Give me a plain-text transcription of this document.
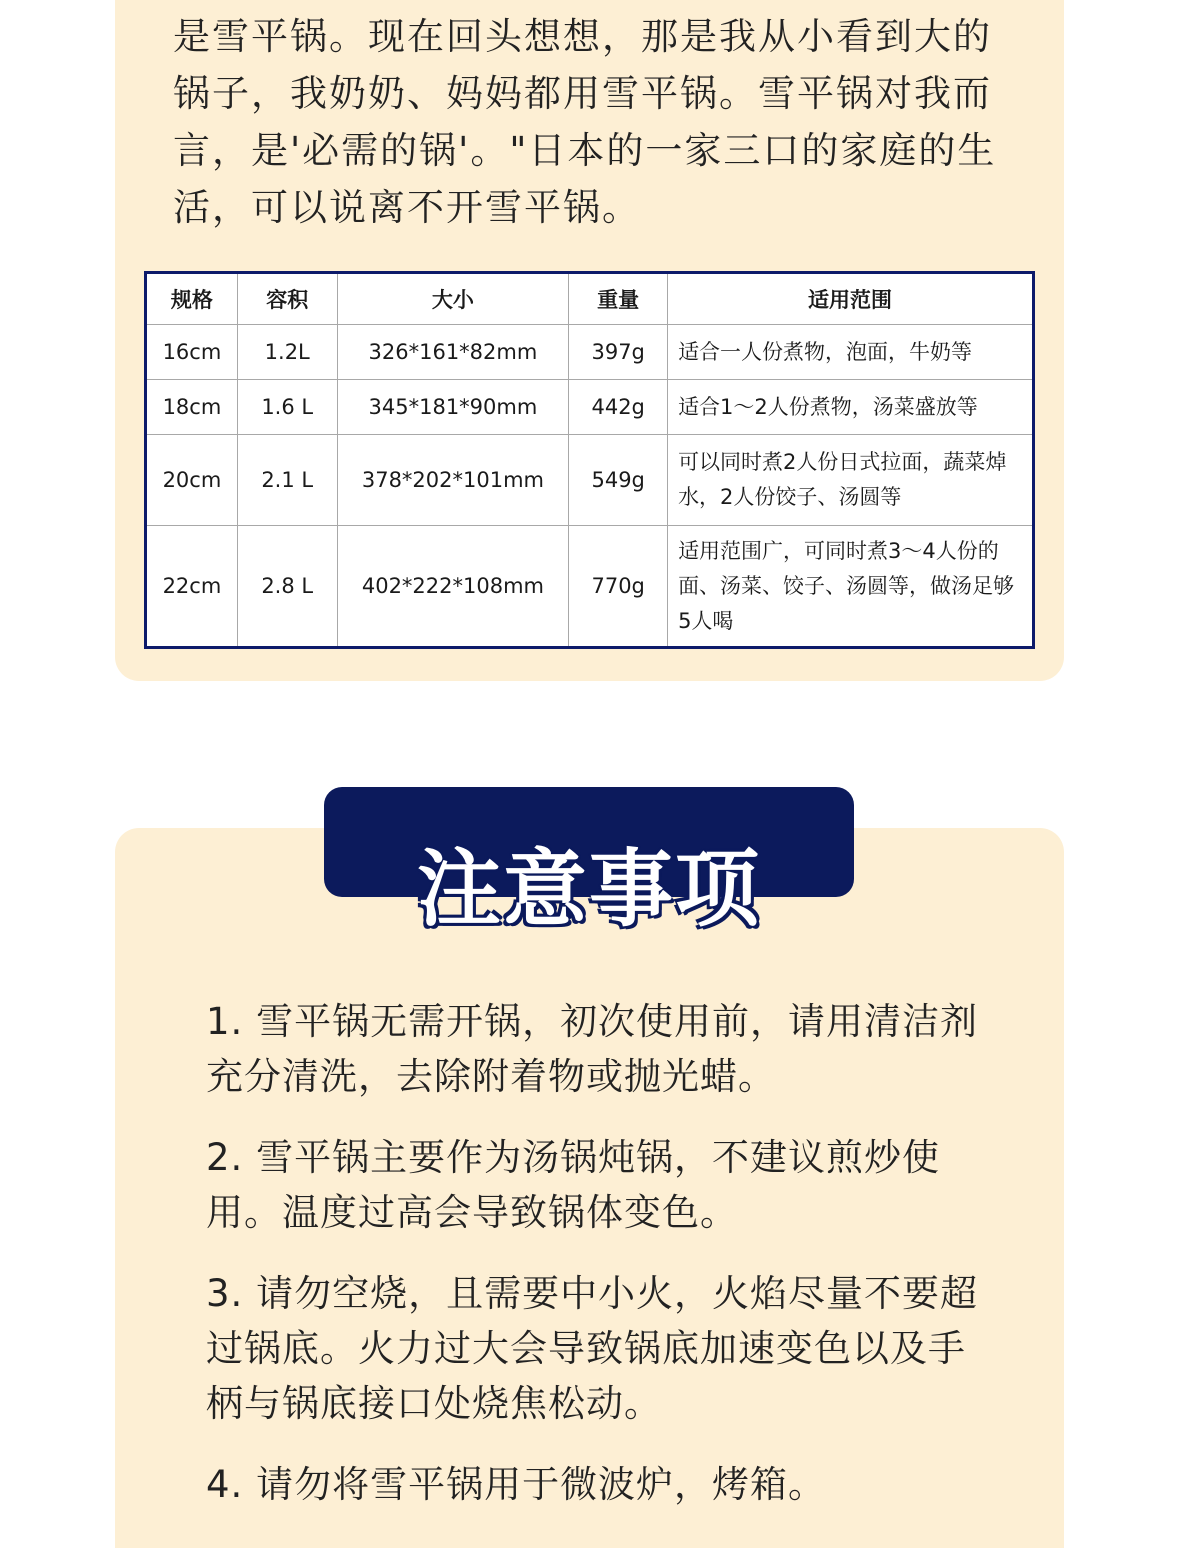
是雪平锅。现在回头想想，那是我从小看到大的锅子，我奶奶、妈妈都用雪平锅。雪平锅对我而言，是'必需的锅'。"日本的一家三口的家庭的生活，可以说离不开雪平锅。

规格	容积	大小	重量	适用范围
16cm	1.2L	326*161*82mm	397g	适合一人份煮物，泡面，牛奶等
18cm	1.6 L	345*181*90mm	442g	适合1～2人份煮物，汤菜盛放等
20cm	2.1 L	378*202*101mm	549g	可以同时煮2人份日式拉面，蔬菜焯水，2人份饺子、汤圆等
22cm	2.8 L	402*222*108mm	770g	适用范围广，可同时煮3～4人份的面、汤菜、饺子、汤圆等，做汤足够5人喝

1. 雪平锅无需开锅，初次使用前，请用清洁剂充分清洗，去除附着物或抛光蜡。

2. 雪平锅主要作为汤锅炖锅，不建议煎炒使用。温度过高会导致锅体变色。

3. 请勿空烧，且需要中小火，火焰尽量不要超过锅底。火力过大会导致锅底加速变色以及手柄与锅底接口处烧焦松动。

4. 请勿将雪平锅用于微波炉，烤箱。

注意事项
